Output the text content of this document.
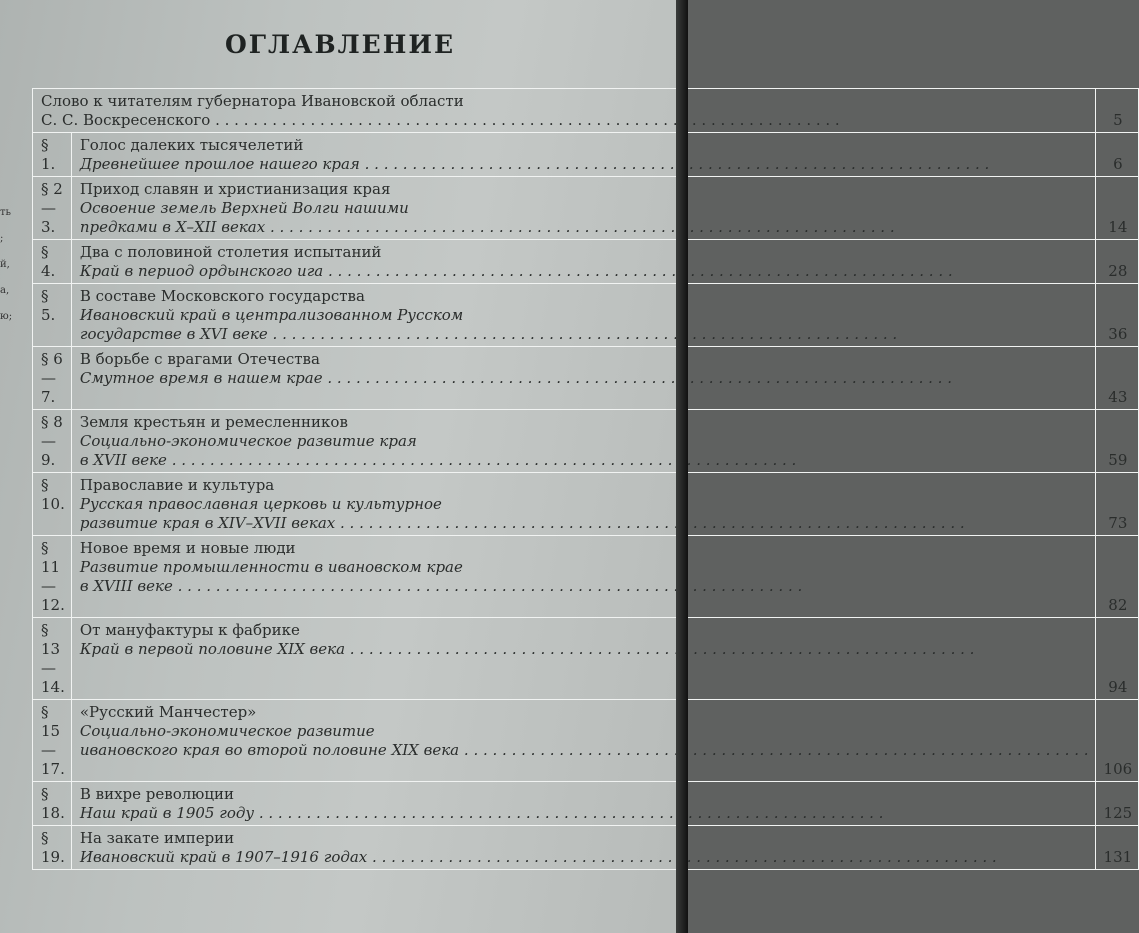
ть
;
й,
а,
ю;
ОГЛАВЛЕНИЕ
Слово к читателям губернатора Ивановской области
С. С. Воскресенского . . .		5
§ 1.	Голос далеких тысячелетий
Древнейшее прошлое нашего края . . .	6
§ 2—3.	Приход славян и христианизация края
Освоение земель Верхней Волги нашими
предками в X–XII веках . . .	14
§ 4.	Два с половиной столетия испытаний
Край в период ордынского ига . . .	28
§ 5.	В составе Московского государства
Ивановский край в централизованном Русском
государстве в XVI веке . . .	36
§ 6—7.	В борьбе с врагами Отечества
Смутное время в нашем крае . . .	43
§ 8—9.	Земля крестьян и ремесленников
Социально-экономическое развитие края
в XVII веке . . .	59
§ 10.	Православие и культура
Русская православная церковь и культурное
развитие края в XIV–XVII веках . . .	73
§ 11—12.	Новое время и новые люди
Развитие промышленности в ивановском крае
в XVIII веке . . .	82
§ 13—14.	От мануфактуры к фабрике
Край в первой половине XIX века . . .	94
§ 15—17.	«Русский Манчестер»
Социально-экономическое развитие
ивановского края во второй половине XIX века . . .	106
§ 18.	В вихре революции
Наш край в 1905 году . . .	125
§ 19.	На закате империи
Ивановский край в 1907–1916 годах . . .	131
